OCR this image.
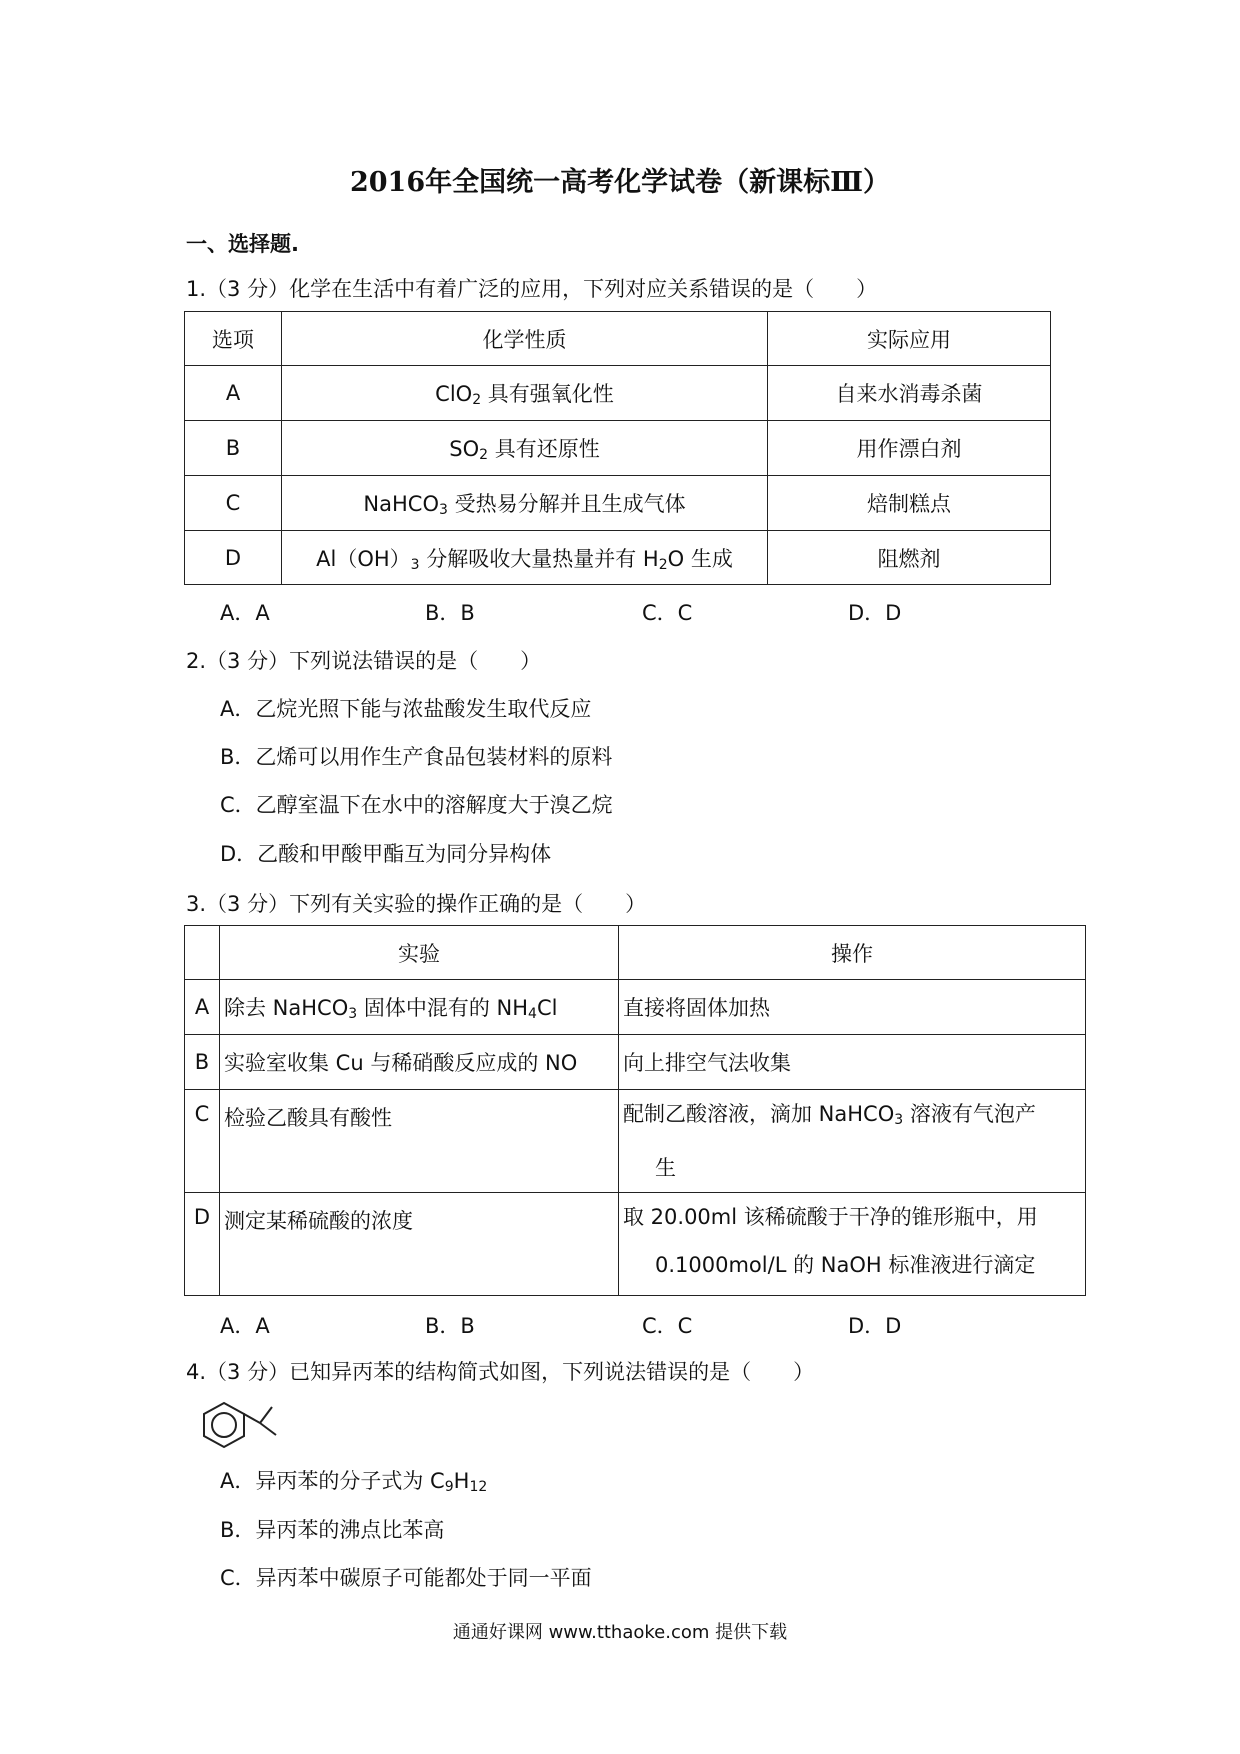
2016年全国统一高考化学试卷（新课标Ⅲ）
一、选择题.
1.（3 分）化学在生活中有着广泛的应用，下列对应关系错误的是（　　）
选项	化学性质	实际应用
A	ClO$_2$ 具有强氧化性	自来水消毒杀菌
B	$SO_2$ 具有还原性	用作漂白剂
C	NaHCO$_3$ 受热易分解并且生成气体	焙制糕点
D	$Al(OH)_3$ 分解吸收大量热量并有 $H_2O$ 生成	阻燃剂
A．A	B．B	C．C	D．D
2.（3 分）下列说法错误的是（　　）
A．乙烷光照下能与浓盐酸发生取代反应
B．乙烯可以用作生产食品包装材料的原料
C．乙醇室温下在水中的溶解度大于溴乙烷
D．乙酸和甲酸甲酯互为同分异构体
3.（3 分）下列有关实验的操作正确的是（　　）
	实验	操作
A	除去 NaHCO$_3$ 固体中混有的 $NH_4Cl$	直接将固体加热
B	实验室收集 Cu 与稀硝酸反应成的 NO	向上排空气法收集
C	检验乙酸具有酸性	配制乙酸溶液，滴加 NaHCO$_3$ 溶液有气泡产
生

D	测定某稀硫酸的浓度	取 20.00ml 该稀硫酸于干净的锥形瓶中，用
0.1000mol/L 的 NaOH 标准液进行滴定
A．A	B．B	C．C	D．D
4.（3 分）已知异丙苯的结构简式如图，下列说法错误的是（　　）
A．异丙苯的分子式为 $C_9H_{12}$
B．异丙苯的沸点比苯高
C．异丙苯中碳原子可能都处于同一平面
通通好课网 www.tthaoke.com 提供下载
